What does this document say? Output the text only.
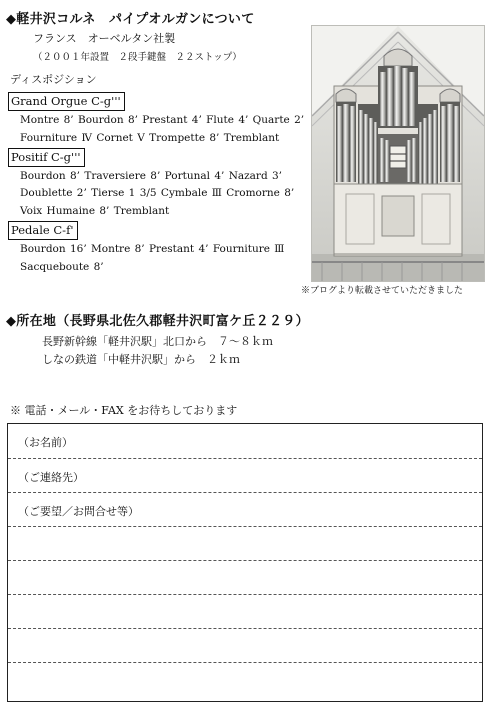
◆軽井沢コルネ　パイプオルガンについて
フランス　オーベルタン社製
（２００１年設置　２段手鍵盤　２２ストップ）
ディスポジション
Grand Orgue C-g'''
Montre 8’ Bourdon 8’ Prestant 4’ Flute 4’ Quarte 2’
Fourniture Ⅳ Cornet Ⅴ Trompette 8’ Tremblant
Positif C-g'''
Bourdon 8’ Traversiere 8’ Portunal 4’ Nazard 3’
Doublette 2’ Tierse 1 3/5 Cymbale Ⅲ Cromorne 8’
Voix Humaine 8’ Tremblant
Pedale C-f'
Bourdon 16’ Montre 8’ Prestant 4’ Fourniture Ⅲ
Sacqueboute 8’
※ブログより転載させていただきました
◆所在地（長野県北佐久郡軽井沢町富ケ丘２２９）
長野新幹線「軽井沢駅」北口から　７～８ｋｍ
しなの鉄道「中軽井沢駅」から　２ｋｍ
※ 電話・メール・FAX をお待ちしております
（お名前）
（ご連絡先）
（ご要望／お問合せ等）
